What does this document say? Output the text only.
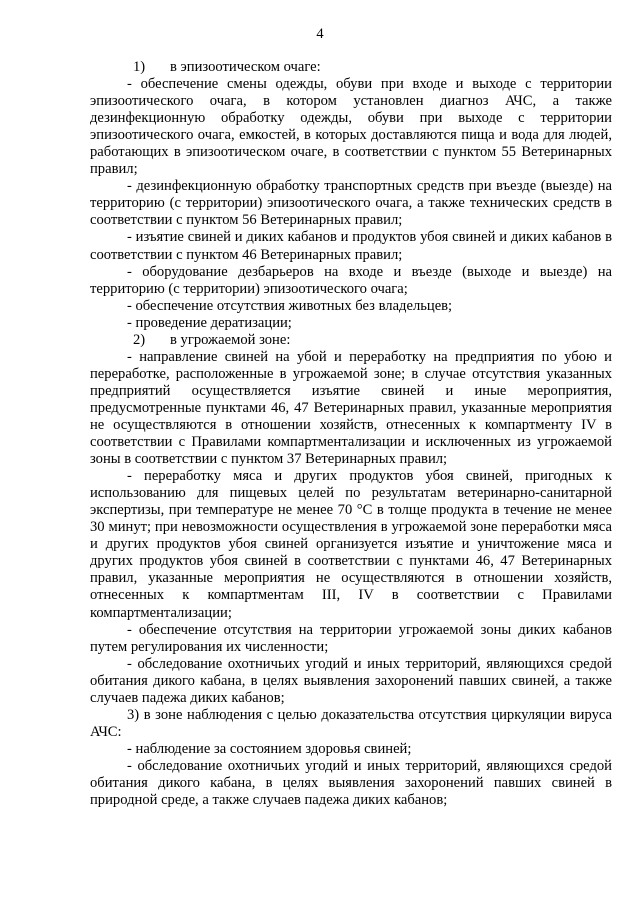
4
1) в эпизоотическом очаге:

- обеспечение смены одежды, обуви при входе и выходе с территории эпизоотического очага, в котором установлен диагноз АЧС, а также дезинфекционную обработку одежды, обуви при выходе с территории эпизоотического очага, емкостей, в которых доставляются пища и вода для людей, работающих в эпизоотическом очаге, в соответствии с пунктом 55 Ветеринарных правил;

- дезинфекционную обработку транспортных средств при въезде (выезде) на территорию (с территории) эпизоотического очага, а также технических средств в соответствии с пунктом 56 Ветеринарных правил;

- изъятие свиней и диких кабанов и продуктов убоя свиней и диких кабанов в соответствии с пунктом 46 Ветеринарных правил;

- оборудование дезбарьеров на входе и въезде (выходе и выезде) на территорию (с территории) эпизоотического очага;

- обеспечение отсутствия животных без владельцев;

- проведение дератизации;

2) в угрожаемой зоне:

- направление свиней на убой и переработку на предприятия по убою и переработке, расположенные в угрожаемой зоне; в случае отсутствия указанных предприятий осуществляется изъятие свиней и иные мероприятия, предусмотренные пунктами 46, 47 Ветеринарных правил, указанные мероприятия не осуществляются в отношении хозяйств, отнесенных к компартменту IV в соответствии с Правилами компартментализации и исключенных из угрожаемой зоны в соответствии с пунктом 37 Ветеринарных правил;

- переработку мяса и других продуктов убоя свиней, пригодных к использованию для пищевых целей по результатам ветеринарно-санитарной экспертизы, при температуре не менее 70 °С в толще продукта в течение не менее 30 минут; при невозможности осуществления в угрожаемой зоне переработки мяса и других продуктов убоя свиней организуется изъятие и уничтожение мяса и других продуктов убоя свиней в соответствии с пунктами 46, 47 Ветеринарных правил, указанные мероприятия не осуществляются в отношении хозяйств, отнесенных к компартментам III, IV в соответствии с Правилами компартментализации;

- обеспечение отсутствия на территории угрожаемой зоны диких кабанов путем регулирования их численности;

- обследование охотничьих угодий и иных территорий, являющихся средой обитания дикого кабана, в целях выявления захоронений павших свиней, а также случаев падежа диких кабанов;

3) в зоне наблюдения с целью доказательства отсутствия циркуляции вируса АЧС:

- наблюдение за состоянием здоровья свиней;

- обследование охотничьих угодий и иных территорий, являющихся средой обитания дикого кабана, в целях выявления захоронений павших свиней в природной среде, а также случаев падежа диких кабанов;
